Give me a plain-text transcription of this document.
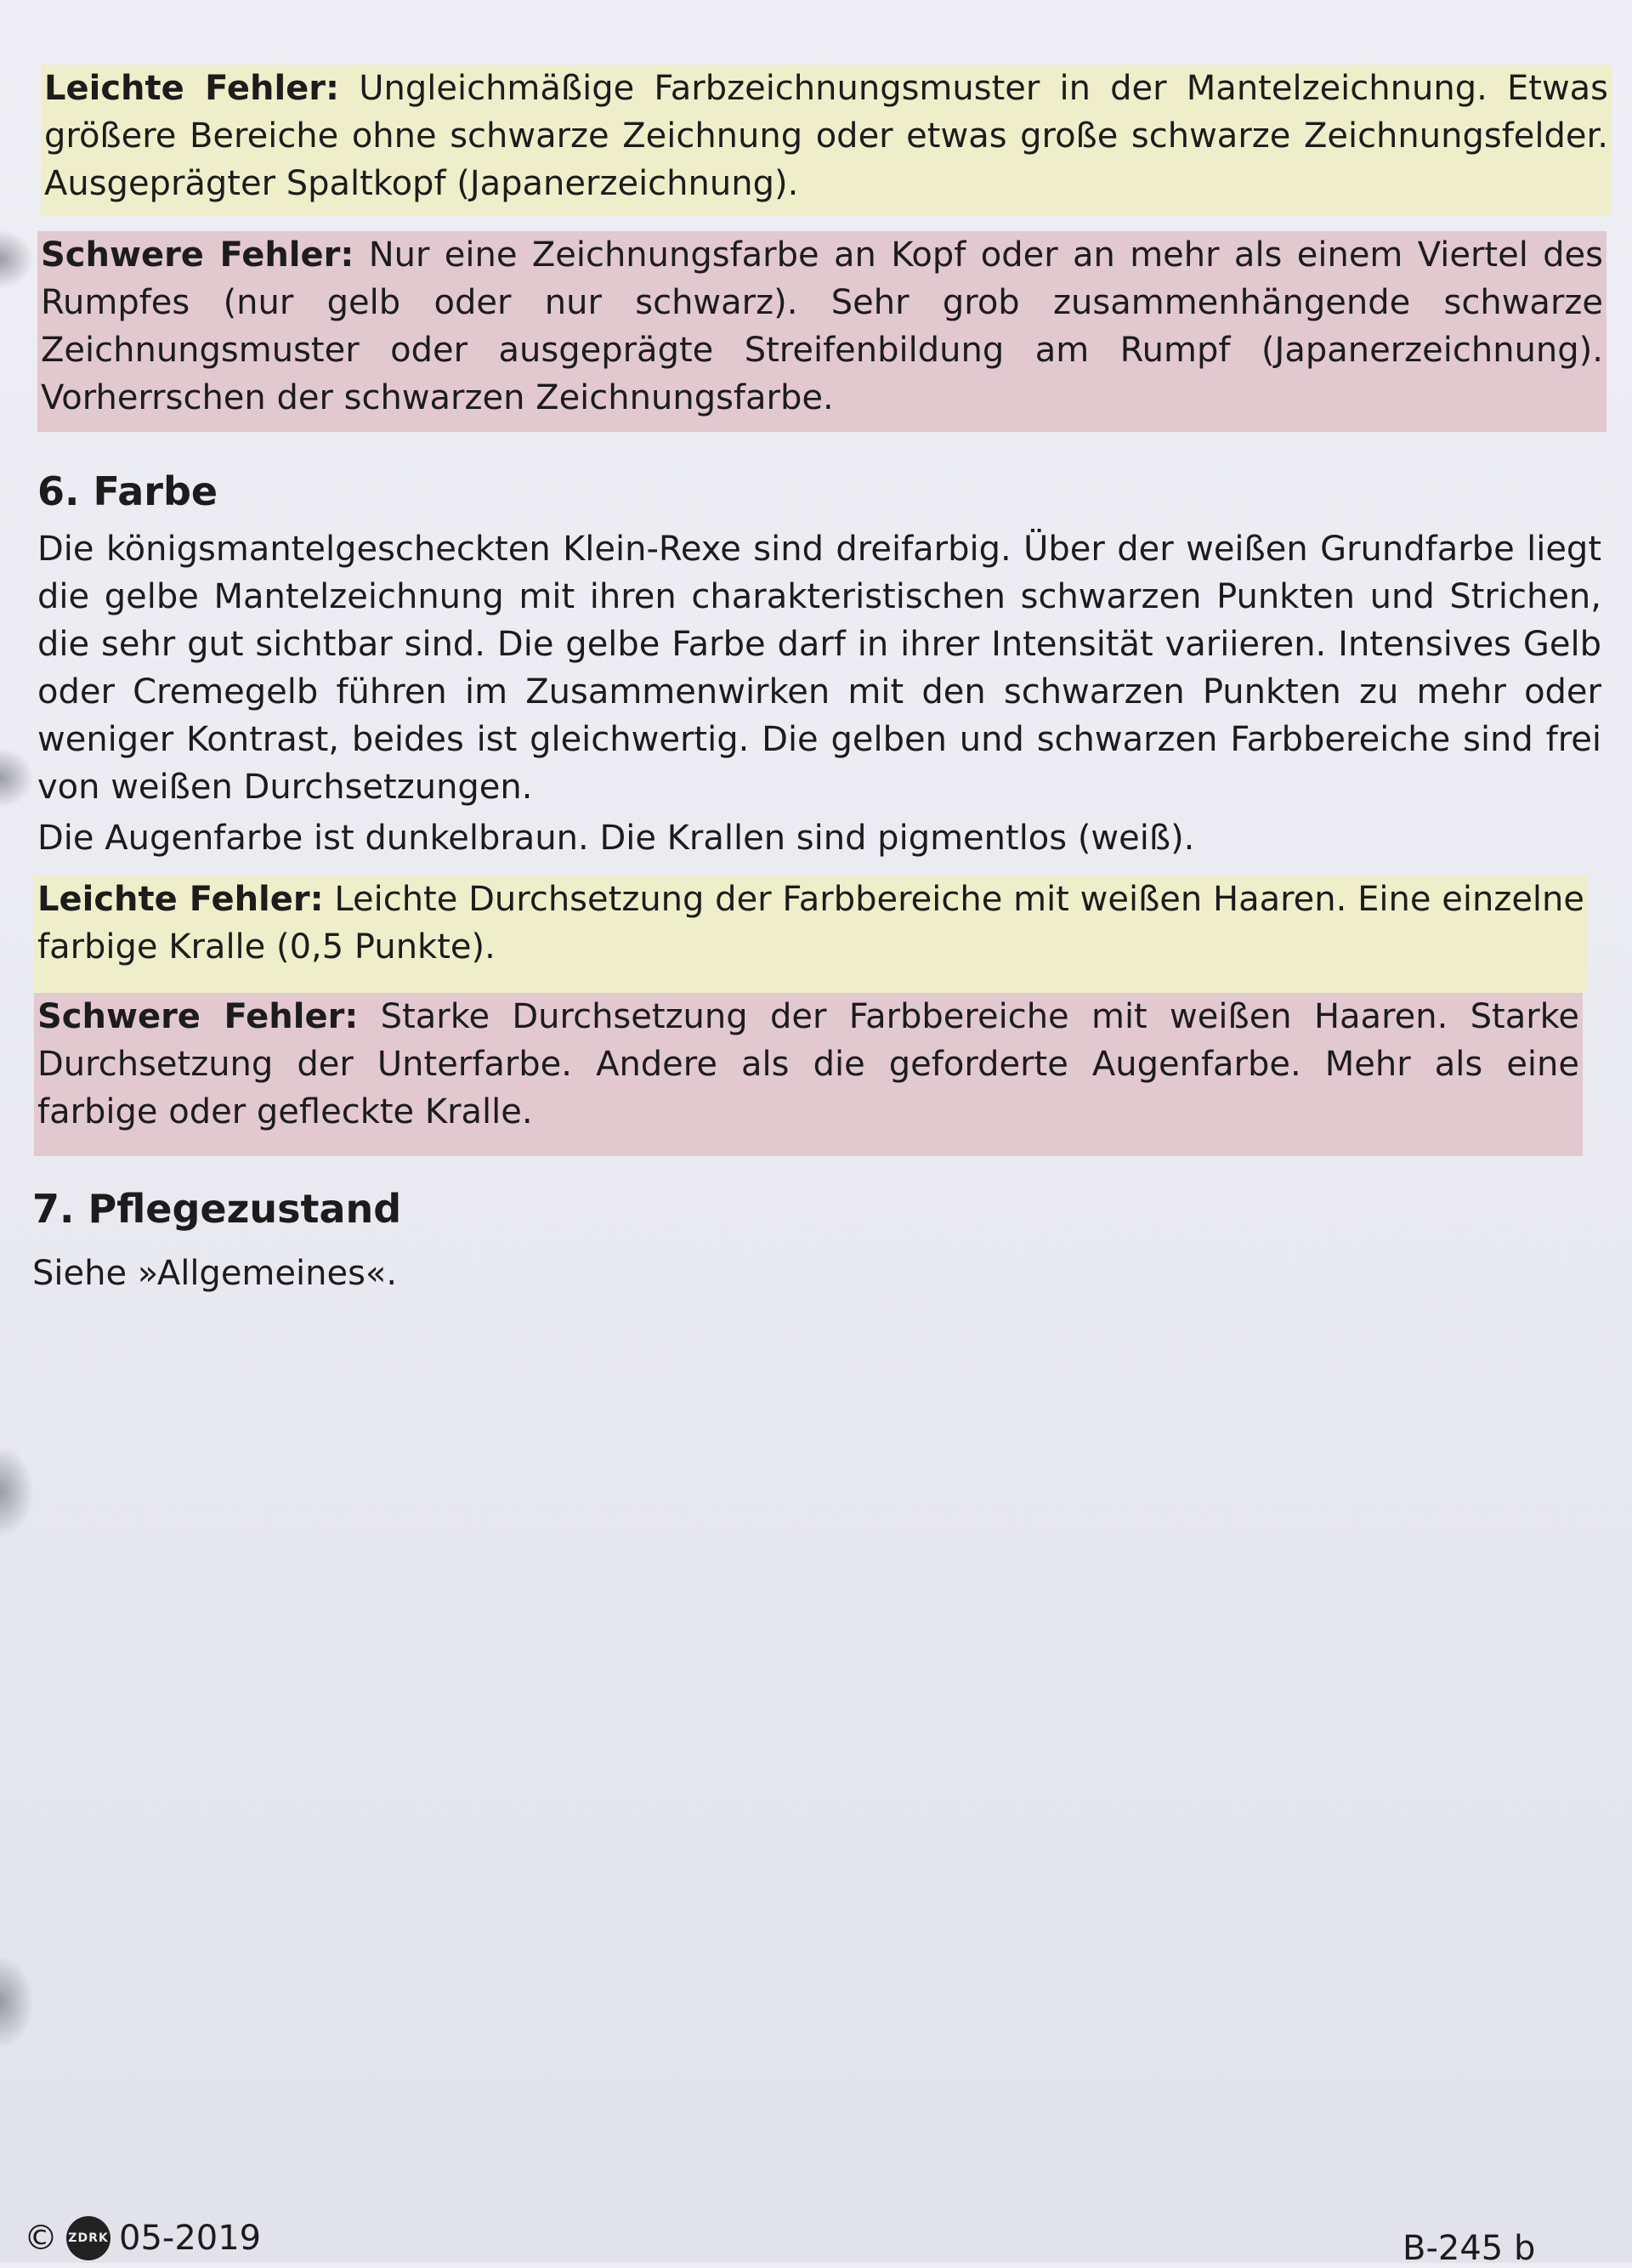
Leichte Fehler: Ungleichmäßige Farbzeichnungsmuster in der Mantelzeichnung. Etwas größere Bereiche ohne schwarze Zeichnung oder etwas große schwarze Zeichnungsfelder. Ausgeprägter Spaltkopf (Japanerzeichnung).
Schwere Fehler: Nur eine Zeichnungsfarbe an Kopf oder an mehr als einem Viertel des Rumpfes (nur gelb oder nur schwarz). Sehr grob zusammenhängende schwarze Zeichnungsmuster oder ausgeprägte Streifenbildung am Rumpf (Japanerzeichnung). Vorherrschen der schwarzen Zeichnungsfarbe.
6. Farbe
Die königsmantelgescheckten Klein-Rexe sind dreifarbig. Über der weißen Grundfarbe liegt die gelbe Mantelzeichnung mit ihren charakteristischen schwarzen Punkten und Strichen, die sehr gut sichtbar sind. Die gelbe Farbe darf in ihrer Intensität variieren. Intensives Gelb oder Cremegelb führen im Zusammenwirken mit den schwarzen Punkten zu mehr oder weniger Kontrast, beides ist gleichwertig. Die gelben und schwarzen Farbbereiche sind frei von weißen Durchsetzungen.
Die Augenfarbe ist dunkelbraun. Die Krallen sind pigmentlos (weiß).
Leichte Fehler: Leichte Durchsetzung der Farbbereiche mit weißen Haaren. Eine einzelne farbige Kralle (0,5 Punkte).
Schwere Fehler: Starke Durchsetzung der Farbbereiche mit weißen Haaren. Starke Durchsetzung der Unterfarbe. Andere als die geforderte Augenfarbe. Mehr als eine farbige oder gefleckte Kralle.
7. Pflegezustand
Siehe »Allgemeines«.
© ZDRK 05-2019	B-245 b
